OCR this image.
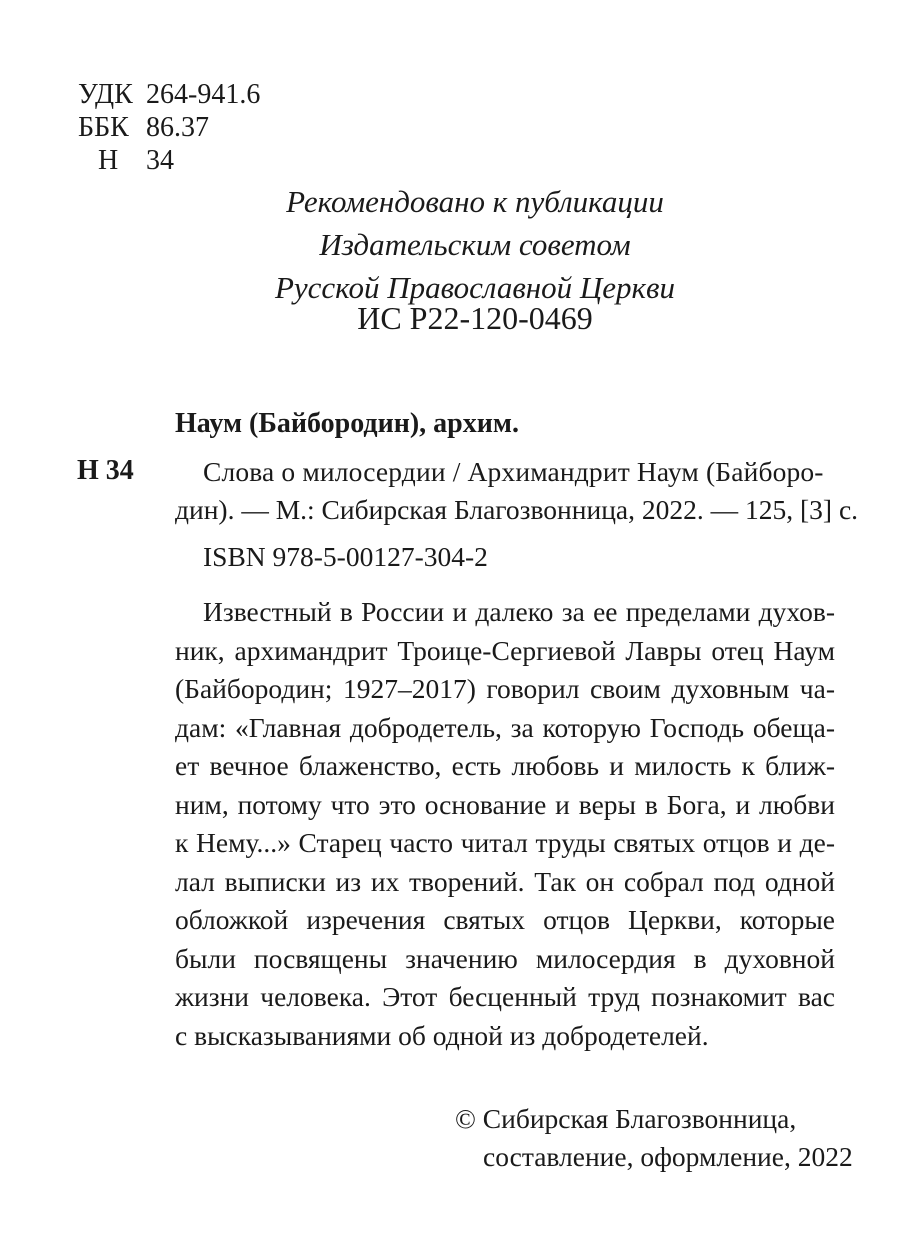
УДК 264-941.6
ББК 86.37
Н 34
Рекомендовано к публикации
Издательским советом
Русской Православной Церкви
ИС Р22-120-0469
Наум (Байбородин), архим.
Н 34	Слова о милосердии / Архимандрит Наум (Байборо-
дин). — М.: Сибирская Благозвонница, 2022. — 125, [3] с.
ISBN 978-5-00127-304-2
Известный в России и далеко за ее пределами духов-
ник, архимандрит Троице-Сергиевой Лавры отец Наум
(Байбородин; 1927–2017) говорил своим духовным ча-
дам: «Главная добродетель, за которую Господь обеща-
ет вечное блаженство, есть любовь и милость к ближ-
ним, потому что это основание и веры в Бога, и любви
к Нему...» Старец часто читал труды святых отцов и де-
лал выписки из их творений. Так он собрал под одной
обложкой изречения святых отцов Церкви, которые
были посвящены значению милосердия в духовной
жизни человека. Этот бесценный труд познакомит вас
с высказываниями об одной из добродетелей.
© Сибирская Благозвонница,
составление, оформление, 2022
